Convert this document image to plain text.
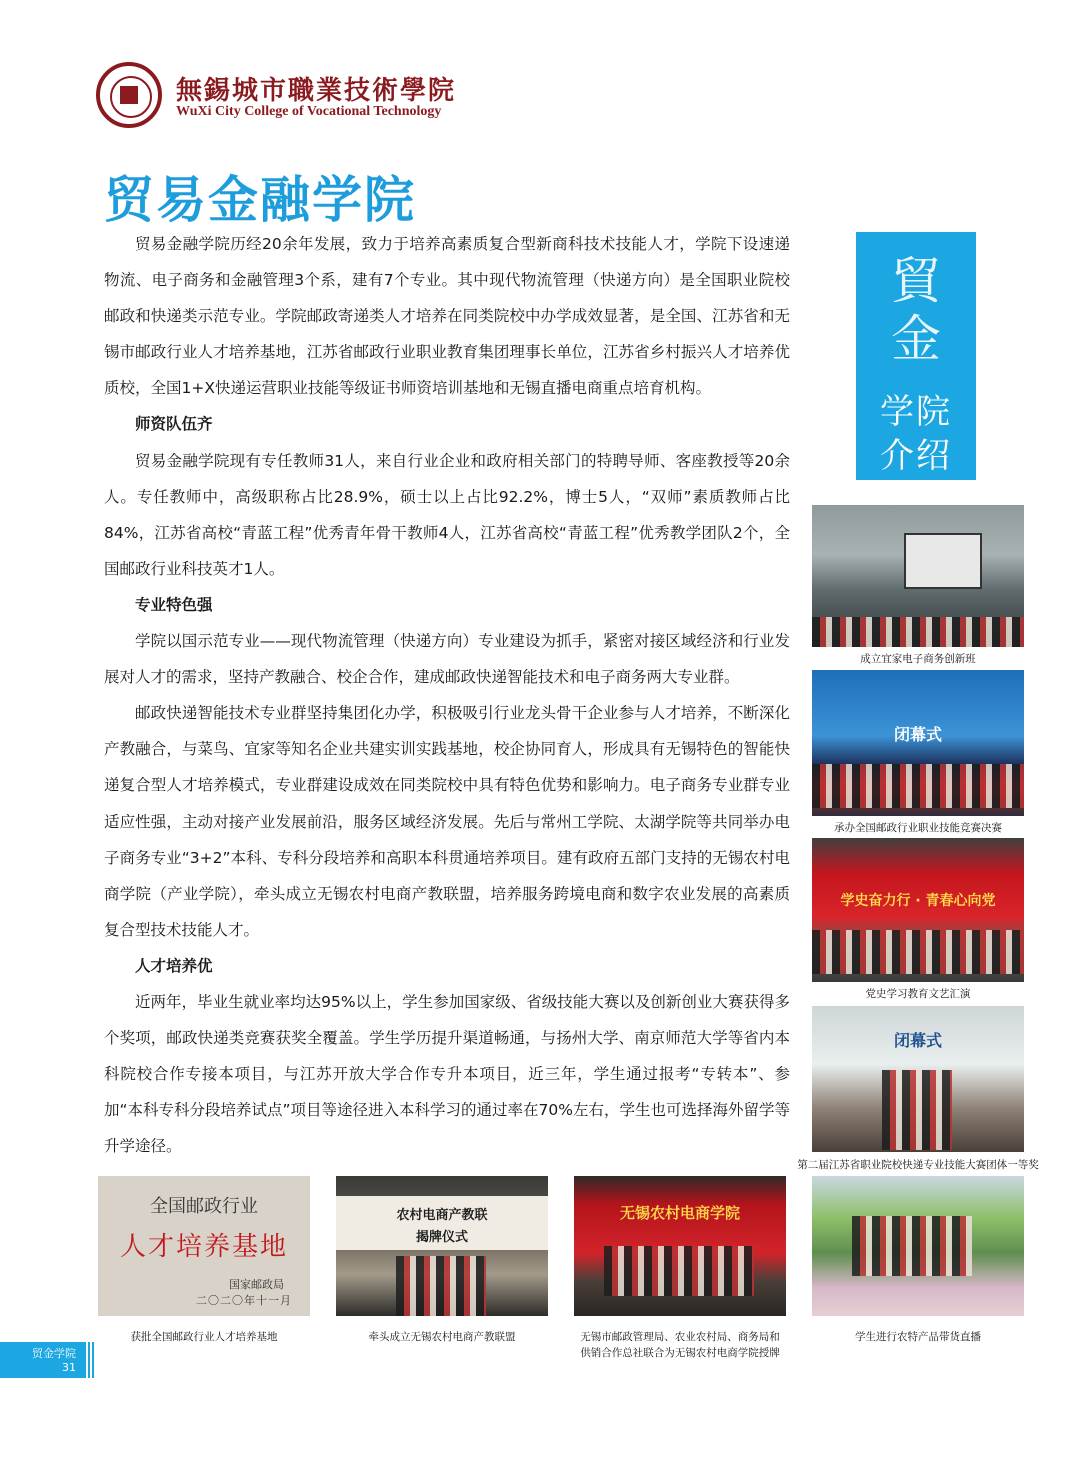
無錫城市職業技術學院
WuXi City College of Vocational Technology
贸易金融学院
貿
金
学院
介绍

贸易金融学院历经20余年发展，致力于培养高素质复合型新商科技术技能人才，学院下设速递物流、电子商务和金融管理3个系，建有7个专业。其中现代物流管理（快递方向）是全国职业院校邮政和快递类示范专业。学院邮政寄递类人才培养在同类院校中办学成效显著，是全国、江苏省和无锡市邮政行业人才培养基地，江苏省邮政行业职业教育集团理事长单位，江苏省乡村振兴人才培养优质校，全国1+X快递运营职业技能等级证书师资培训基地和无锡直播电商重点培育机构。

师资队伍齐

贸易金融学院现有专任教师31人，来自行业企业和政府相关部门的特聘导师、客座教授等20余人。专任教师中，高级职称占比28.9%，硕士以上占比92.2%，博士5人，“双师”素质教师占比84%，江苏省高校“青蓝工程”优秀青年骨干教师4人，江苏省高校“青蓝工程”优秀教学团队2个，全国邮政行业科技英才1人。

专业特色强

学院以国示范专业——现代物流管理（快递方向）专业建设为抓手，紧密对接区域经济和行业发展对人才的需求，坚持产教融合、校企合作，建成邮政快递智能技术和电子商务两大专业群。

邮政快递智能技术专业群坚持集团化办学，积极吸引行业龙头骨干企业参与人才培养，不断深化产教融合，与菜鸟、宜家等知名企业共建实训实践基地，校企协同育人，形成具有无锡特色的智能快递复合型人才培养模式，专业群建设成效在同类院校中具有特色优势和影响力。电子商务专业群专业适应性强，主动对接产业发展前沿，服务区域经济发展。先后与常州工学院、太湖学院等共同举办电子商务专业“3+2”本科、专科分段培养和高职本科贯通培养项目。建有政府五部门支持的无锡农村电商学院（产业学院），牵头成立无锡农村电商产教联盟，培养服务跨境电商和数字农业发展的高素质复合型技术技能人才。

人才培养优

近两年，毕业生就业率均达95%以上，学生参加国家级、省级技能大赛以及创新创业大赛获得多个奖项，邮政快递类竞赛获奖全覆盖。学生学历提升渠道畅通，与扬州大学、南京师范大学等省内本科院校合作专接本项目，与江苏开放大学合作专升本项目，近三年，学生通过报考“专转本”、参加“本科专科分段培养试点”项目等途径进入本科学习的通过率在70%左右，学生也可选择海外留学等升学途径。

成立宜家电子商务创新班
闭幕式
承办全国邮政行业职业技能竞赛决赛
学史奋力行 · 青春心向党
党史学习教育文艺汇演
闭幕式
第二届江苏省职业院校快递专业技能大赛团体一等奖
全国邮政行业
人才培养基地
国家邮政局
二〇二〇年十一月
农村电商产教联
揭牌仪式
无锡农村电商学院
获批全国邮政行业人才培养基地	牵头成立无锡农村电商产教联盟	无锡市邮政管理局、农业农村局、商务局和
供销合作总社联合为无锡农村电商学院授牌
学生进行农特产品带货直播
贸金学院
31
